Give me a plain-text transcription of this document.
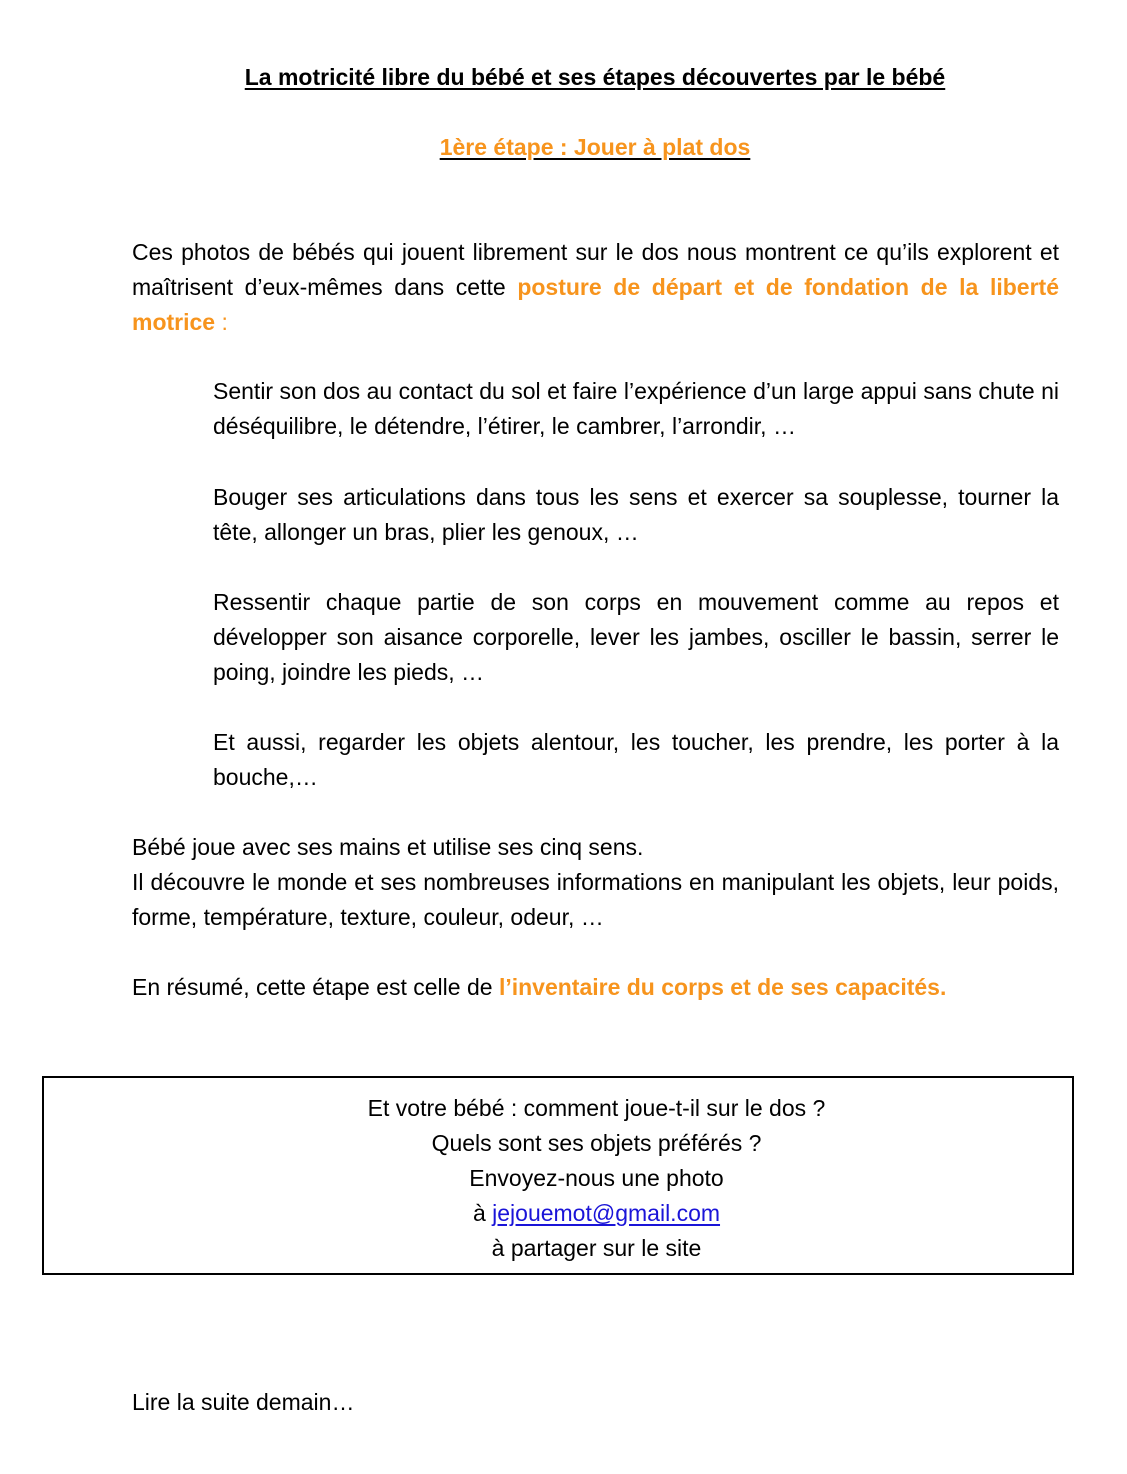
La motricité libre du bébé et ses étapes découvertes par le bébé
1ère étape : Jouer à plat dos

Ces photos de bébés qui jouent librement sur le dos nous montrent ce qu’ils explorent et maîtrisent d’eux-mêmes dans cette posture de départ et de fondation de la liberté motrice :

Sentir son dos au contact du sol et faire l’expérience d’un large appui sans chute ni déséquilibre, le détendre, l’étirer, le cambrer, l’arrondir, …

Bouger ses articulations dans tous les sens et exercer sa souplesse, tourner la tête, allonger un bras, plier les genoux, …

Ressentir chaque partie de son corps en mouvement comme au repos et développer son aisance corporelle, lever les jambes, osciller le bassin, serrer le poing, joindre les pieds, …

Et aussi, regarder les objets alentour, les toucher, les prendre, les porter à la bouche,…

Bébé joue avec ses mains et utilise ses cinq sens.

Il découvre le monde et ses nombreuses informations en manipulant les objets, leur poids, forme, température, texture, couleur, odeur, …

En résumé, cette étape est celle de l’inventaire du corps et de ses capacités.

Et votre bébé : comment joue-t-il sur le dos ?
Quels sont ses objets préférés ?
Envoyez-nous une photo
à jejouemot@gmail.com
à partager sur le site

Lire la suite demain…
